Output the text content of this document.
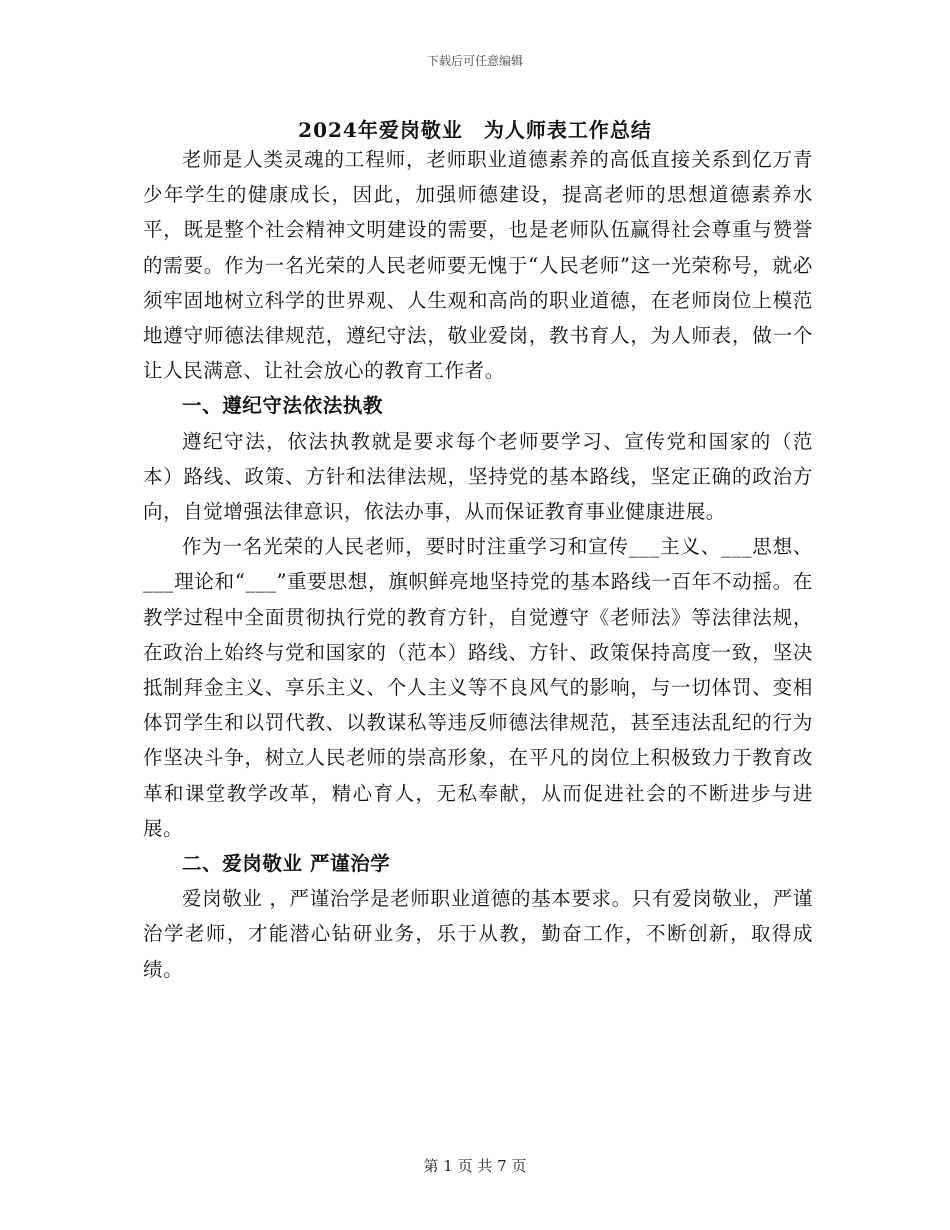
下载后可任意编辑
2024年爱岗敬业　为人师表工作总结

老师是人类灵魂的工程师，老师职业道德素养的高低直接关系到亿万青少年学生的健康成长，因此，加强师德建设，提高老师的思想道德素养水平，既是整个社会精神文明建设的需要，也是老师队伍赢得社会尊重与赞誉的需要。作为一名光荣的人民老师要无愧于“人民老师”这一光荣称号，就必须牢固地树立科学的世界观、人生观和高尚的职业道德，在老师岗位上模范地遵守师德法律规范，遵纪守法，敬业爱岗，教书育人，为人师表，做一个让人民满意、让社会放心的教育工作者。

一、遵纪守法依法执教

遵纪守法，依法执教就是要求每个老师要学习、宣传党和国家的（范本）路线、政策、方针和法律法规，坚持党的基本路线，坚定正确的政治方向，自觉增强法律意识，依法办事，从而保证教育事业健康进展。

作为一名光荣的人民老师，要时时注重学习和宣传___主义、___思想、___理论和“___”重要思想，旗帜鲜亮地坚持党的基本路线一百年不动摇。在教学过程中全面贯彻执行党的教育方针，自觉遵守《老师法》等法律法规，在政治上始终与党和国家的（范本）路线、方针、政策保持高度一致，坚决抵制拜金主义、享乐主义、个人主义等不良风气的影响，与一切体罚、变相体罚学生和以罚代教、以教谋私等违反师德法律规范，甚至违法乱纪的行为作坚决斗争，树立人民老师的崇高形象，在平凡的岗位上积极致力于教育改革和课堂教学改革，精心育人，无私奉献，从而促进社会的不断进步与进展。

二、爱岗敬业 严谨治学

爱岗敬业 ，严谨治学是老师职业道德的基本要求。只有爱岗敬业，严谨治学老师，才能潜心钻研业务，乐于从教，勤奋工作，不断创新，取得成绩。

第 1 页 共 7 页
